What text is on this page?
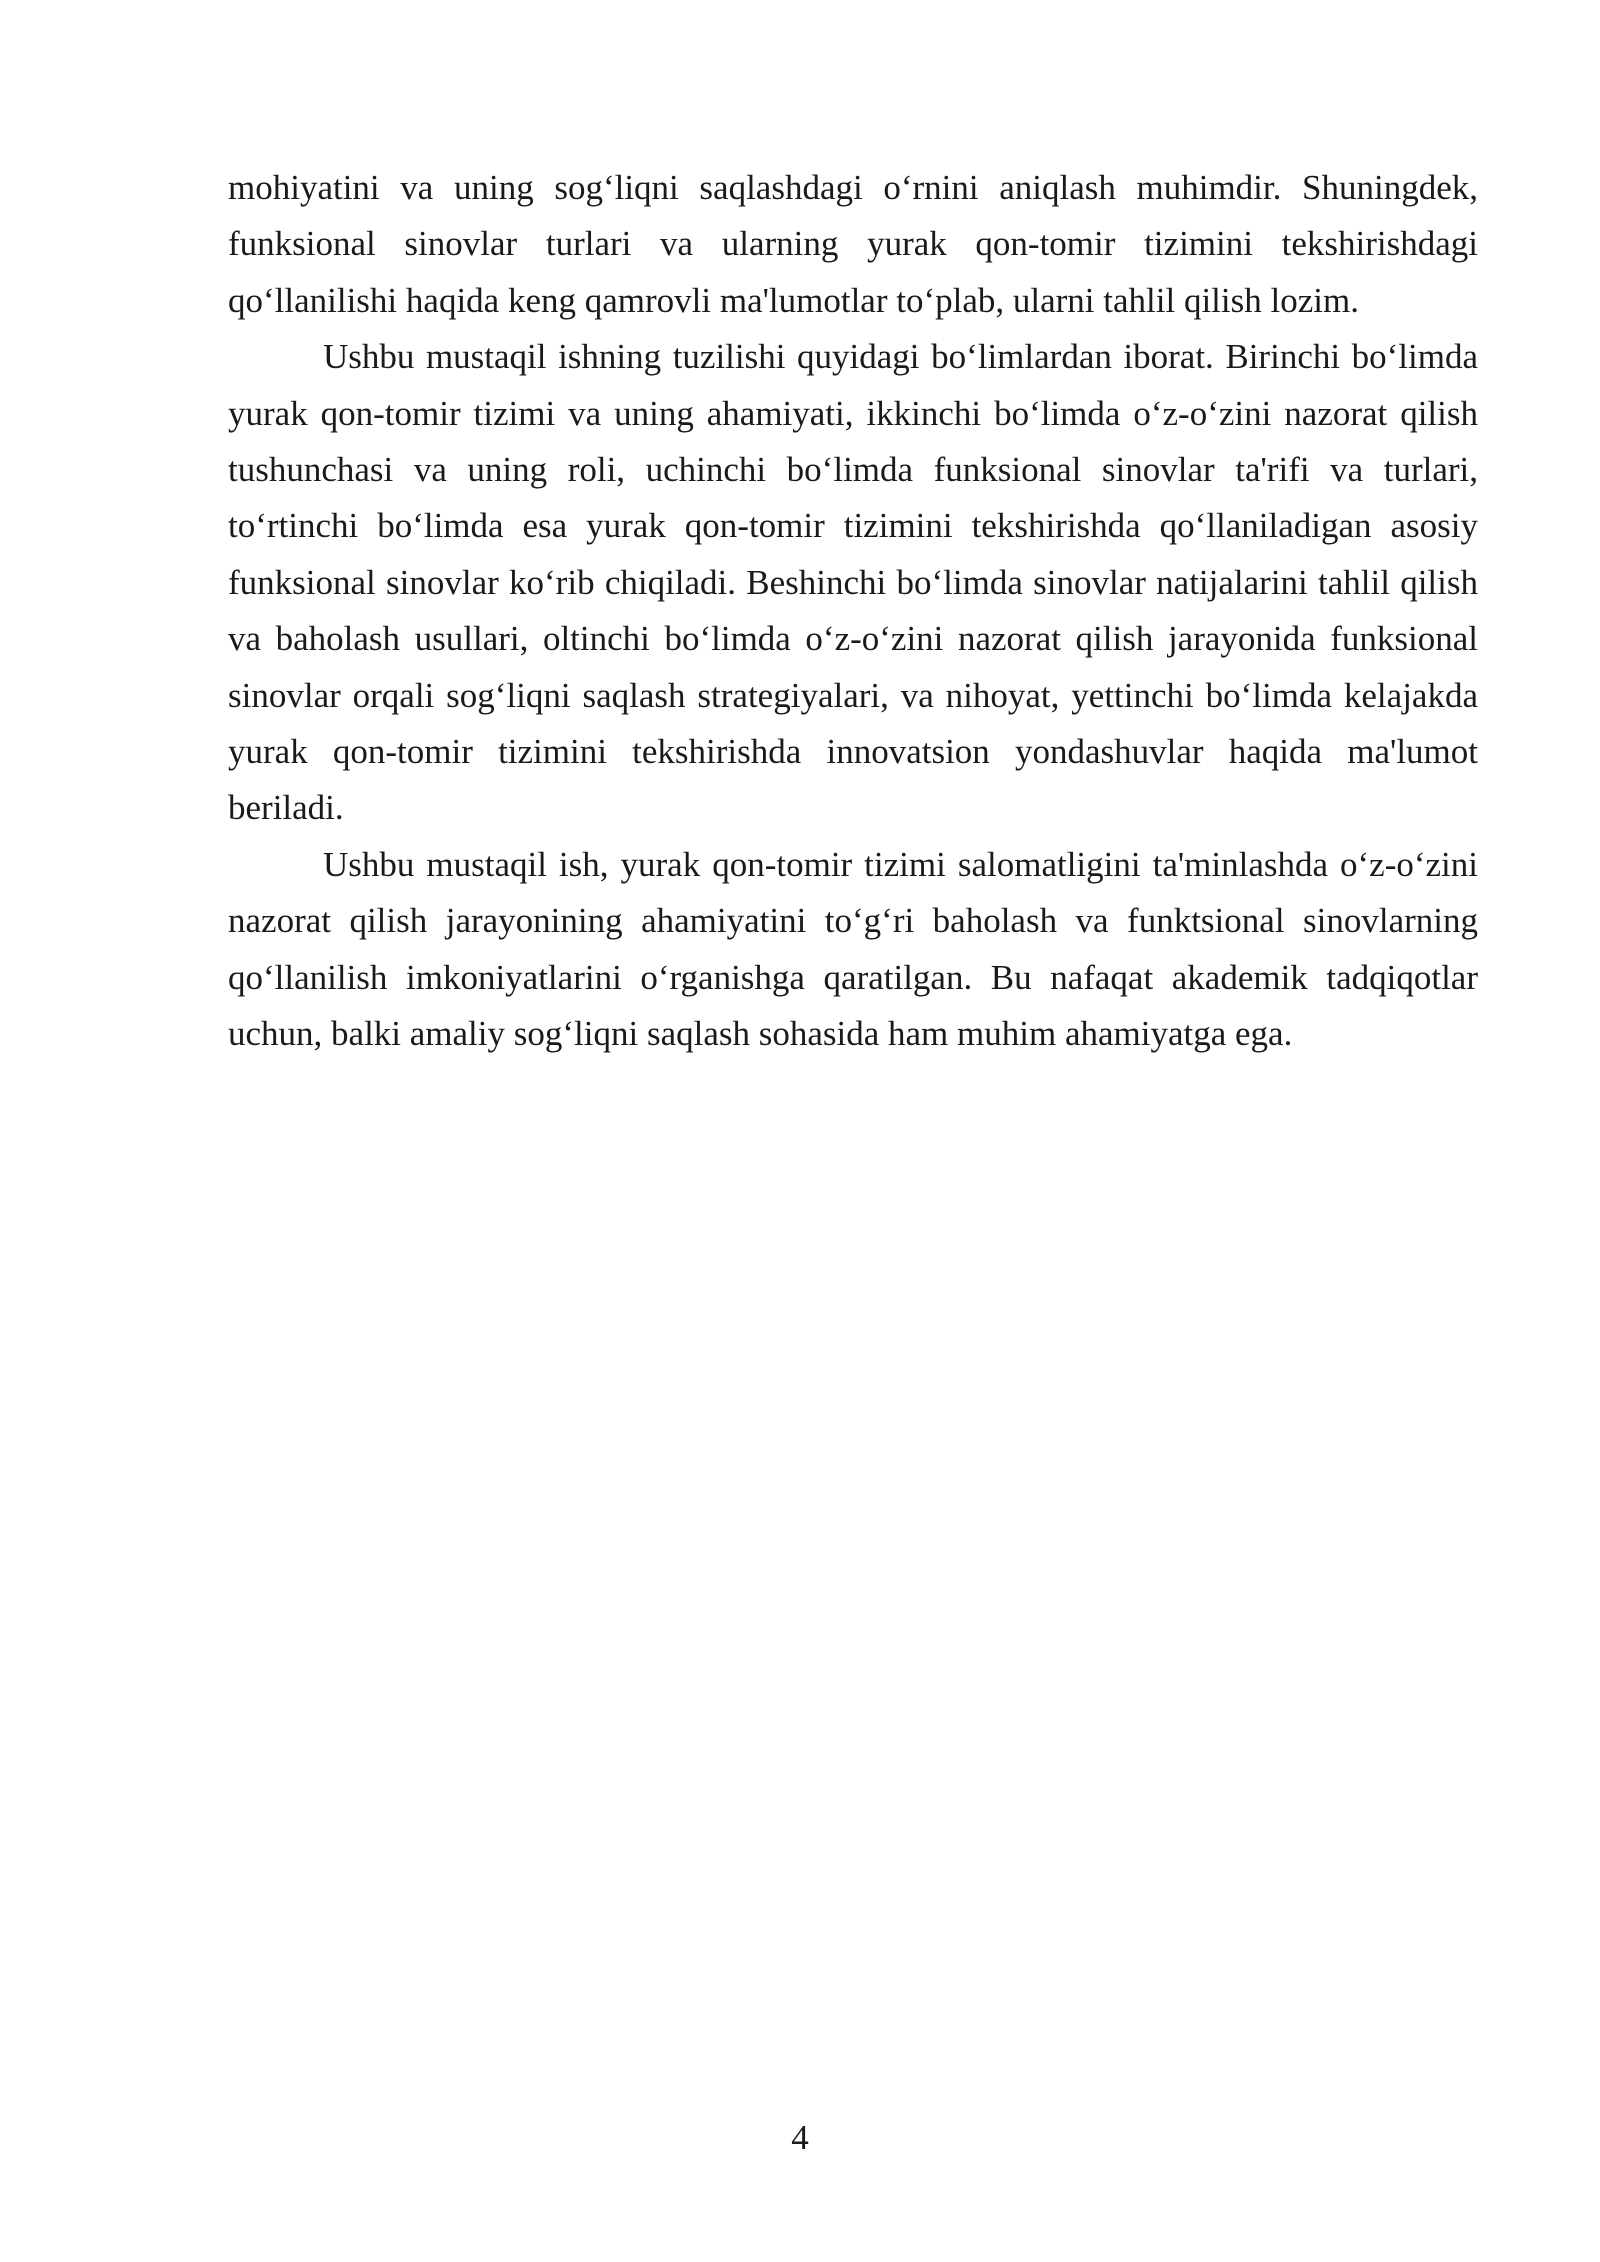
mohiyatini va uning sog‘liqni saqlashdagi o‘rnini aniqlash muhimdir. Shuningdek, funksional sinovlar turlari va ularning yurak qon-tomir tizimini tekshirishdagi qo‘llanilishi haqida keng qamrovli ma'lumotlar to‘plab, ularni tahlil qilish lozim.

Ushbu mustaqil ishning tuzilishi quyidagi bo‘limlardan iborat. Birinchi bo‘limda yurak qon-tomir tizimi va uning ahamiyati, ikkinchi bo‘limda o‘z-o‘zini nazorat qilish tushunchasi va uning roli, uchinchi bo‘limda funksional sinovlar ta'rifi va turlari, to‘rtinchi bo‘limda esa yurak qon-tomir tizimini tekshirishda qo‘llaniladigan asosiy funksional sinovlar ko‘rib chiqiladi. Beshinchi bo‘limda sinovlar natijalarini tahlil qilish va baholash usullari, oltinchi bo‘limda o‘z-o‘zini nazorat qilish jarayonida funksional sinovlar orqali sog‘liqni saqlash strategiyalari, va nihoyat, yettinchi bo‘limda kelajakda yurak qon-tomir tizimini tekshirishda innovatsion yondashuvlar haqida ma'lumot beriladi.

Ushbu mustaqil ish, yurak qon-tomir tizimi salomatligini ta'minlashda o‘z-o‘zini nazorat qilish jarayonining ahamiyatini to‘g‘ri baholash va funktsional sinovlarning qo‘llanilish imkoniyatlarini o‘rganishga qaratilgan. Bu nafaqat akademik tadqiqotlar uchun, balki amaliy sog‘liqni saqlash sohasida ham muhim ahamiyatga ega.

4
